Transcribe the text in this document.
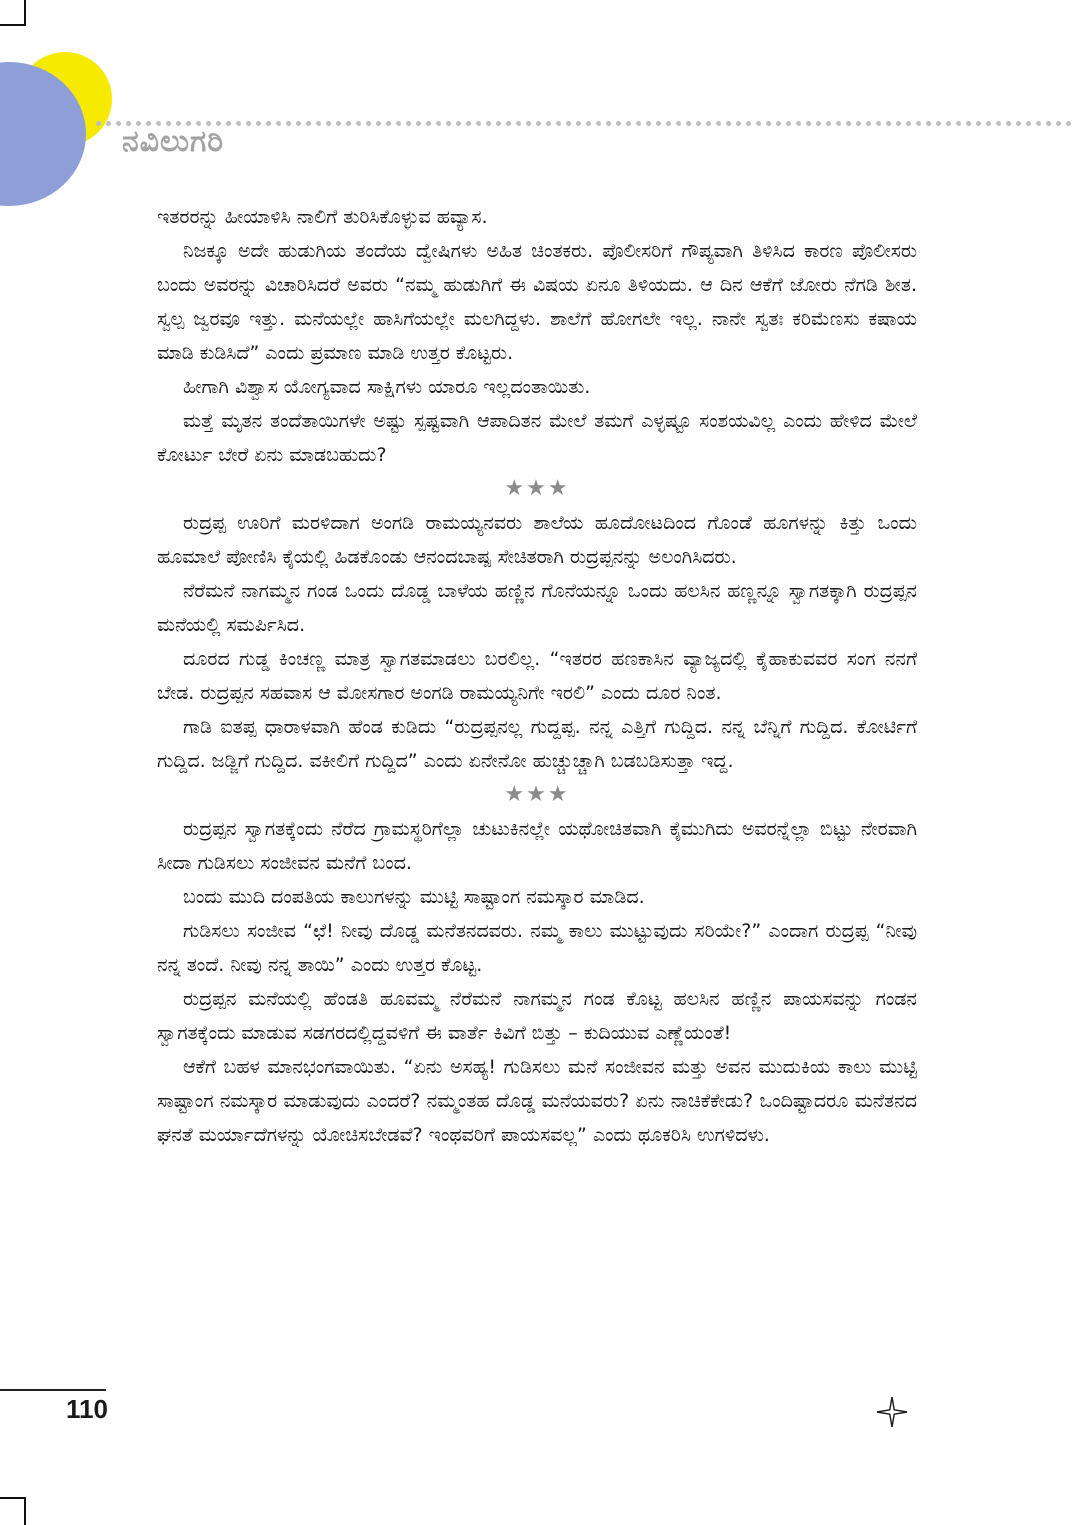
ನವಿಲುಗರಿ

ಇತರರನ್ನು ಹೀಯಾಳಿಸಿ ನಾಲಿಗೆ ತುರಿಸಿಕೊಳ್ಳುವ ಹವ್ಯಾಸ.

ನಿಜಕ್ಕೂ ಅದೇ ಹುಡುಗಿಯ ತಂದೆಯ ದ್ವೇಷಿಗಳು ಅಹಿತ ಚಿಂತಕರು. ಪೊಲೀಸರಿಗೆ ಗೌಪ್ಯವಾಗಿ ತಿಳಿಸಿದ ಕಾರಣ ಪೊಲೀಸರು ಬಂದು ಅವರನ್ನು ವಿಚಾರಿಸಿದರೆ ಅವರು “ನಮ್ಮ ಹುಡುಗಿಗೆ ಈ ವಿಷಯ ಏನೂ ತಿಳಿಯದು. ಆ ದಿನ ಆಕೆಗೆ ಜೋರು ನೆಗಡಿ ಶೀತ. ಸ್ವಲ್ಪ ಜ್ವರವೂ ಇತ್ತು. ಮನೆಯಲ್ಲೇ ಹಾಸಿಗೆಯಲ್ಲೇ ಮಲಗಿದ್ದಳು. ಶಾಲೆಗೆ ಹೋಗಲೇ ಇಲ್ಲ. ನಾನೇ ಸ್ವತಃ ಕರಿಮೆಣಸು ಕಷಾಯ ಮಾಡಿ ಕುಡಿಸಿದೆ” ಎಂದು ಪ್ರಮಾಣ ಮಾಡಿ ಉತ್ತರ ಕೊಟ್ಟರು.

ಹೀಗಾಗಿ ವಿಶ್ವಾಸ ಯೋಗ್ಯವಾದ ಸಾಕ್ಷಿಗಳು ಯಾರೂ ಇಲ್ಲದಂತಾಯಿತು.

ಮತ್ತೆ ಮೃತನ ತಂದೆತಾಯಿಗಳೇ ಅಷ್ಟು ಸ್ಪಷ್ಟವಾಗಿ ಆಪಾದಿತನ ಮೇಲೆ ತಮಗೆ ಎಳ್ಳಷ್ಟೂ ಸಂಶಯವಿಲ್ಲ ಎಂದು ಹೇಳಿದ ಮೇಲೆ ಕೋರ್ಟು ಬೇರೆ ಏನು ಮಾಡಬಹುದು?

★★★

ರುದ್ರಪ್ಪ ಊರಿಗೆ ಮರಳಿದಾಗ ಅಂಗಡಿ ರಾಮಯ್ಯನವರು ಶಾಲೆಯ ಹೂದೋಟದಿಂದ ಗೊಂಡೆ ಹೂಗಳನ್ನು ಕಿತ್ತು ಒಂದು ಹೂಮಾಲೆ ಪೋಣಿಸಿ ಕೈಯಲ್ಲಿ ಹಿಡಕೊಂಡು ಆನಂದಬಾಷ್ಪ ಸೇಚಿತರಾಗಿ ರುದ್ರಪ್ಪನನ್ನು ಅಲಂಗಿಸಿದರು.

ನೆರೆಮನೆ ನಾಗಮ್ಮನ ಗಂಡ ಒಂದು ದೊಡ್ಡ ಬಾಳೆಯ ಹಣ್ಣಿನ ಗೊನೆಯನ್ನೂ ಒಂದು ಹಲಸಿನ ಹಣ್ಣನ್ನೂ ಸ್ವಾಗತಕ್ಕಾಗಿ ರುದ್ರಪ್ಪನ ಮನೆಯಲ್ಲಿ ಸಮರ್ಪಿಸಿದ.

ದೂರದ ಗುಡ್ಡ ಕಿಂಚಣ್ಣ ಮಾತ್ರ ಸ್ವಾಗತಮಾಡಲು ಬರಲಿಲ್ಲ. “ಇತರರ ಹಣಕಾಸಿನ ವ್ಯಾಜ್ಯದಲ್ಲಿ ಕೈಹಾಕುವವರ ಸಂಗ ನನಗೆ ಬೇಡ. ರುದ್ರಪ್ಪನ ಸಹವಾಸ ಆ ಮೋಸಗಾರ ಅಂಗಡಿ ರಾಮಯ್ಯನಿಗೇ ಇರಲಿ” ಎಂದು ದೂರ ನಿಂತ.

ಗಾಡಿ ಐತಪ್ಪ ಧಾರಾಳವಾಗಿ ಹೆಂಡ ಕುಡಿದು “ರುದ್ರಪ್ಪನಲ್ಲ ಗುದ್ದಪ್ಪ. ನನ್ನ ಎತ್ತಿಗೆ ಗುದ್ದಿದ. ನನ್ನ ಬೆನ್ನಿಗೆ ಗುದ್ದಿದ. ಕೋರ್ಟಿಗೆ ಗುದ್ದಿದ. ಜಡ್ಜಿಗೆ ಗುದ್ದಿದ. ವಕೀಲಿಗೆ ಗುದ್ದಿದ” ಎಂದು ಏನೇನೋ ಹುಚ್ಚುಚ್ಚಾಗಿ ಬಡಬಡಿಸುತ್ತಾ ಇದ್ದ.

★★★

ರುದ್ರಪ್ಪನ ಸ್ವಾಗತಕ್ಕೆಂದು ನೆರೆದ ಗ್ರಾಮಸ್ಥರಿಗೆಲ್ಲಾ ಚುಟುಕಿನಲ್ಲೇ ಯಥೋಚಿತವಾಗಿ ಕೈಮುಗಿದು ಅವರನ್ನೆಲ್ಲಾ ಬಿಟ್ಟು ನೇರವಾಗಿ ಸೀದಾ ಗುಡಿಸಲು ಸಂಜೀವನ ಮನೆಗೆ ಬಂದ.

ಬಂದು ಮುದಿ ದಂಪತಿಯ ಕಾಲುಗಳನ್ನು ಮುಟ್ಟಿ ಸಾಷ್ಟಾಂಗ ನಮಸ್ಕಾರ ಮಾಡಿದ.

ಗುಡಿಸಲು ಸಂಜೀವ “ಛೆ! ನೀವು ದೊಡ್ಡ ಮನೆತನದವರು. ನಮ್ಮ ಕಾಲು ಮುಟ್ಟುವುದು ಸರಿಯೇ?” ಎಂದಾಗ ರುದ್ರಪ್ಪ “ನೀವು ನನ್ನ ತಂದೆ. ನೀವು ನನ್ನ ತಾಯಿ” ಎಂದು ಉತ್ತರ ಕೊಟ್ಟ.

ರುದ್ರಪ್ಪನ ಮನೆಯಲ್ಲಿ ಹೆಂಡತಿ ಹೂವಮ್ಮ ನೆರೆಮನೆ ನಾಗಮ್ಮನ ಗಂಡ ಕೊಟ್ಟ ಹಲಸಿನ ಹಣ್ಣಿನ ಪಾಯಸವನ್ನು ಗಂಡನ ಸ್ವಾಗತಕ್ಕೆಂದು ಮಾಡುವ ಸಡಗರದಲ್ಲಿದ್ದವಳಿಗೆ ಈ ವಾರ್ತೆ ಕಿವಿಗೆ ಬಿತ್ತು – ಕುದಿಯುವ ಎಣ್ಣೆಯಂತೆ!

ಆಕೆಗೆ ಬಹಳ ಮಾನಭಂಗವಾಯಿತು. “ಏನು ಅಸಹ್ಯ! ಗುಡಿಸಲು ಮನೆ ಸಂಜೀವನ ಮತ್ತು ಅವನ ಮುದುಕಿಯ ಕಾಲು ಮುಟ್ಟಿ ಸಾಷ್ಟಾಂಗ ನಮಸ್ಕಾರ ಮಾಡುವುದು ಎಂದರೆ? ನಮ್ಮಂತಹ ದೊಡ್ಡ ಮನೆಯವರು? ಏನು ನಾಚಿಕೆಕೇಡು? ಒಂದಿಷ್ಟಾದರೂ ಮನೆತನದ ಘನತೆ ಮರ್ಯಾದೆಗಳನ್ನು ಯೋಚಿಸಬೇಡವೆ? ಇಂಥವರಿಗೆ ಪಾಯಸವಲ್ಲ” ಎಂದು ಥೂಕರಿಸಿ ಉಗಳಿದಳು.

110
